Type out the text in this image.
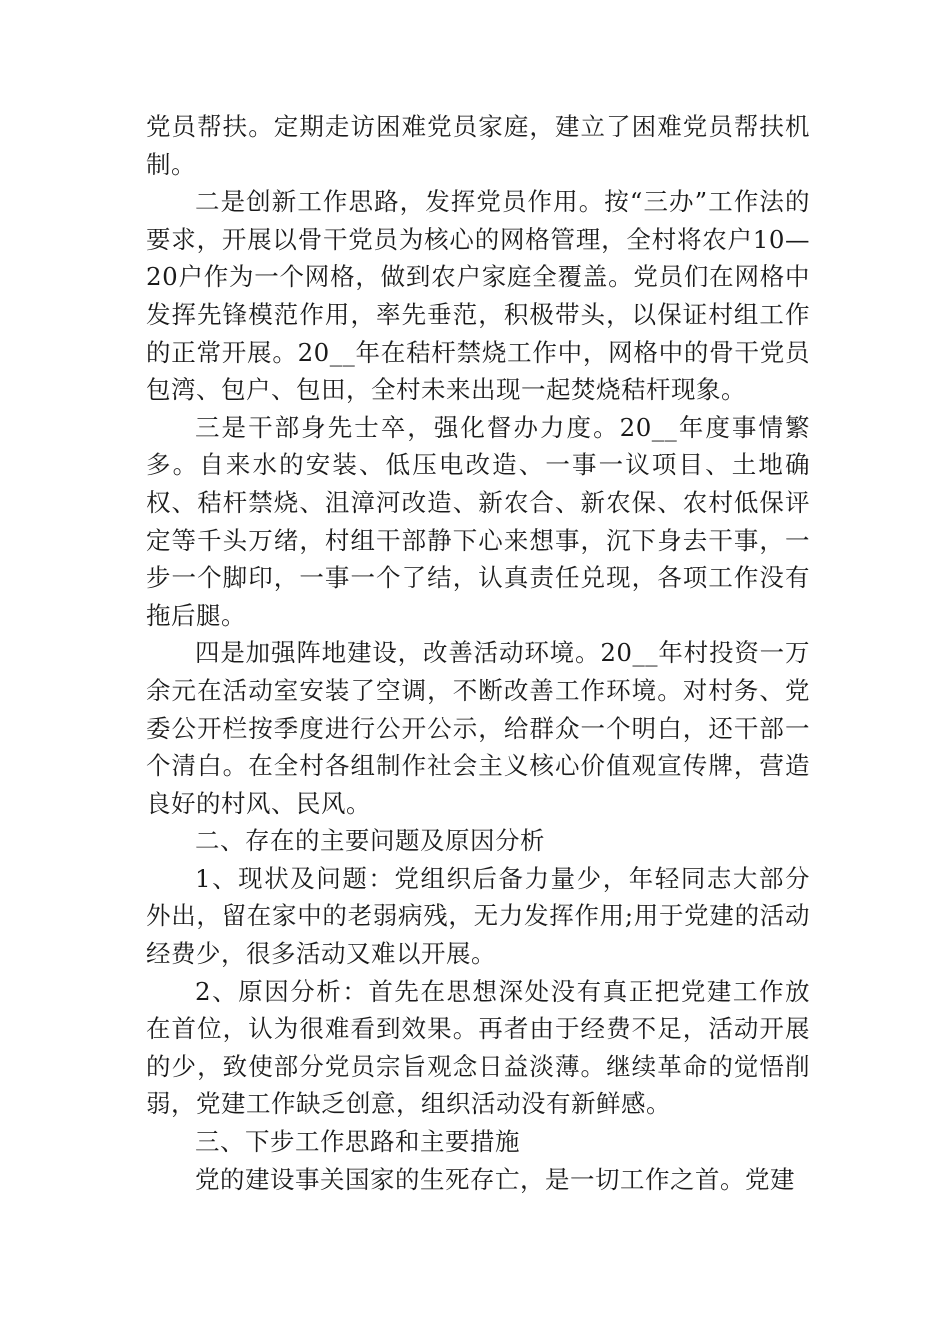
党员帮扶。定期走访困难党员家庭，建立了困难党员帮扶机制。

二是创新工作思路，发挥党员作用。按“三办”工作法的要求，开展以骨干党员为核心的网格管理，全村将农户10—20户作为一个网格，做到农户家庭全覆盖。党员们在网格中发挥先锋模范作用，率先垂范，积极带头，以保证村组工作的正常开展。20__年在秸杆禁烧工作中，网格中的骨干党员包湾、包户、包田，全村未来出现一起焚烧秸杆现象。

三是干部身先士卒，强化督办力度。20__年度事情繁多。自来水的安装、低压电改造、一事一议项目、土地确权、秸杆禁烧、沮漳河改造、新农合、新农保、农村低保评定等千头万绪，村组干部静下心来想事，沉下身去干事，一步一个脚印，一事一个了结，认真责任兑现，各项工作没有拖后腿。

四是加强阵地建设，改善活动环境。20__年村投资一万余元在活动室安装了空调，不断改善工作环境。对村务、党委公开栏按季度进行公开公示，给群众一个明白，还干部一个清白。在全村各组制作社会主义核心价值观宣传牌，营造良好的村风、民风。

二、存在的主要问题及原因分析

1、现状及问题：党组织后备力量少，年轻同志大部分外出，留在家中的老弱病残，无力发挥作用;用于党建的活动经费少，很多活动又难以开展。

2、原因分析：首先在思想深处没有真正把党建工作放在首位，认为很难看到效果。再者由于经费不足，活动开展的少，致使部分党员宗旨观念日益淡薄。继续革命的觉悟削弱，党建工作缺乏创意，组织活动没有新鲜感。

三、下步工作思路和主要措施

党的建设事关国家的生死存亡，是一切工作之首。党建
